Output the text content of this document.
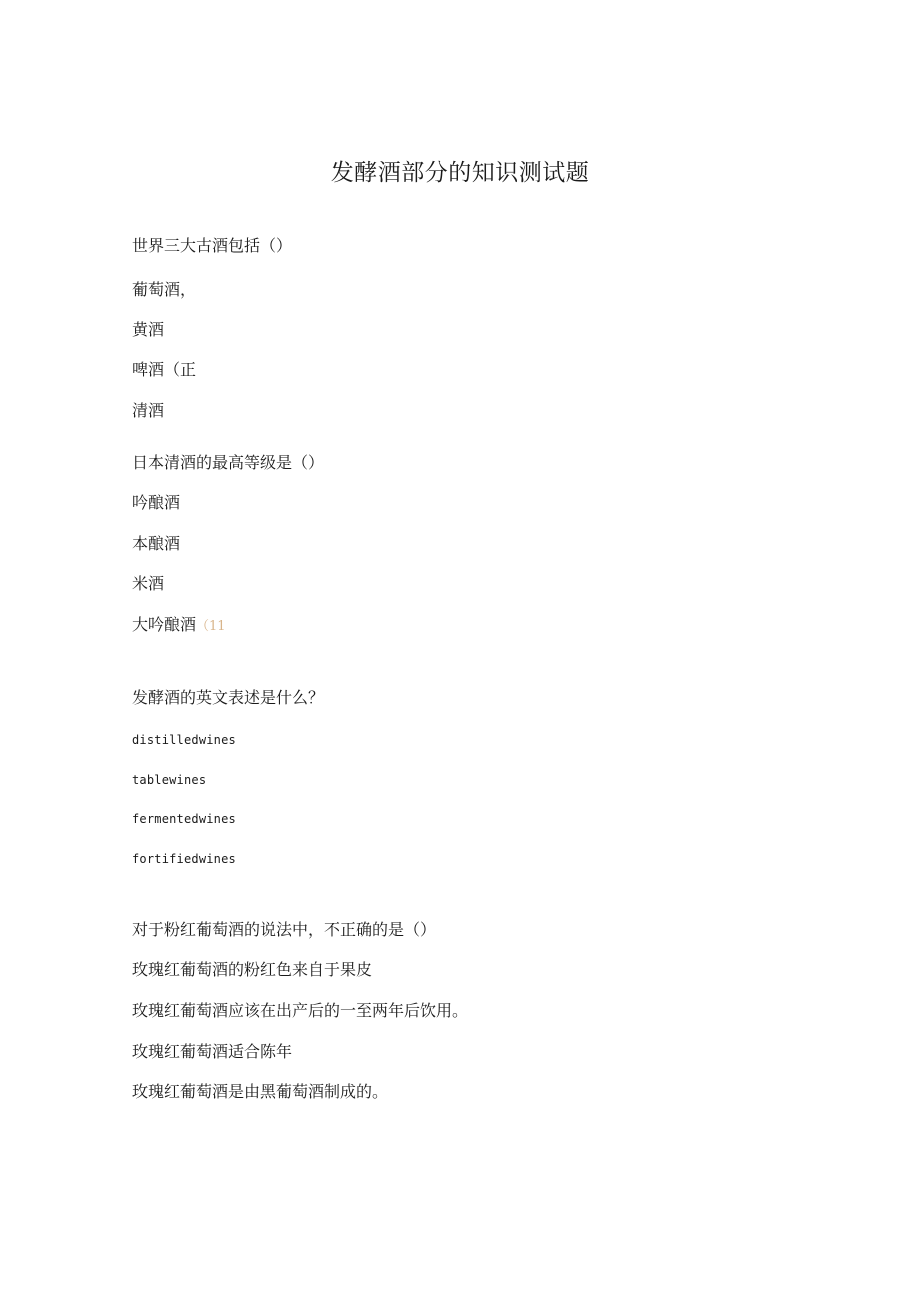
发酵酒部分的知识测试题
世界三大古酒包括（）
葡萄酒，
黄酒
啤酒（正
清酒
日本清酒的最高等级是（）
吟酿酒
本酿酒
米酒
大吟酿酒（11
发酵酒的英文表述是什么？
distilledwines
tablewines
fermentedwines
fortifiedwines
对于粉红葡萄酒的说法中，不正确的是（）
玫瑰红葡萄酒的粉红色来自于果皮
玫瑰红葡萄酒应该在出产后的一至两年后饮用。
玫瑰红葡萄酒适合陈年
玫瑰红葡萄酒是由黑葡萄酒制成的。
